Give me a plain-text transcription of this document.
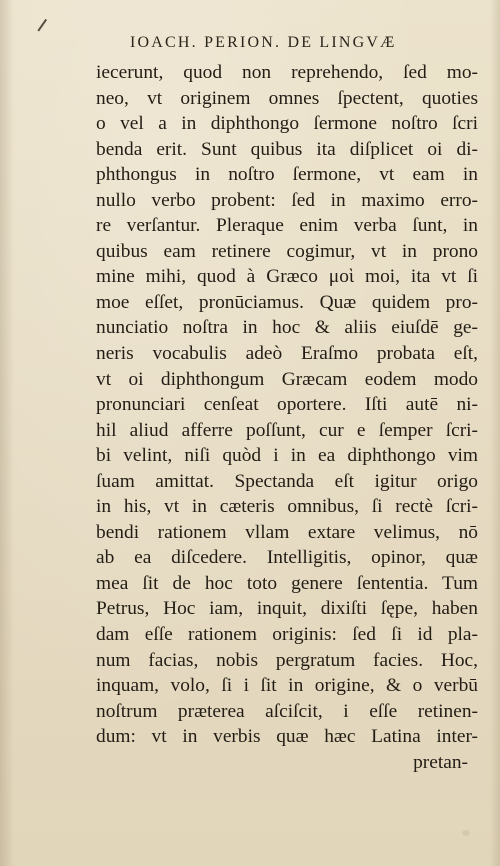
IOACH. PERION. DE LINGVÆ
iecerunt, quod non reprehendo, ſed mo-
neo, vt originem omnes ſpectent, quoties
o vel a in diphthongo ſermone noſtro ſcri
benda erit. Sunt quibus ita diſplicet oi di-
phthongus in noſtro ſermone, vt eam in
nullo verbo probent: ſed in maximo erro-
re verſantur. Pleraque enim verba ſunt, in
quibus eam retinere cogimur, vt in prono
mine mihi, quod à Græco μοὶ moi, ita vt ſi
moe eſſet, pronūciamus. Quæ quidem pro-
nunciatio noſtra in hoc & aliis eiuſdē ge-
neris vocabulis adeò Eraſmo probata eſt,
vt oi diphthongum Græcam eodem modo
pronunciari cenſeat oportere. Iſti autē ni-
hil aliud afferre poſſunt, cur e ſemper ſcri-
bi velint, niſi quòd i in ea diphthongo vim
ſuam amittat. Spectanda eſt igitur origo
in his, vt in cæteris omnibus, ſi rectè ſcri-
bendi rationem vllam extare velimus, nō
ab ea diſcedere. Intelligitis, opinor, quæ
mea ſit de hoc toto genere ſententia. Tum
Petrus, Hoc iam, inquit, dixiſti ſępe, haben
dam eſſe rationem originis: ſed ſi id pla-
num facias, nobis pergratum facies. Hoc,
inquam, volo, ſi i ſit in origine, & o verbū
noſtrum præterea aſciſcit, i eſſe retinen-
dum: vt in verbis quæ hæc Latina inter-
pretan-
